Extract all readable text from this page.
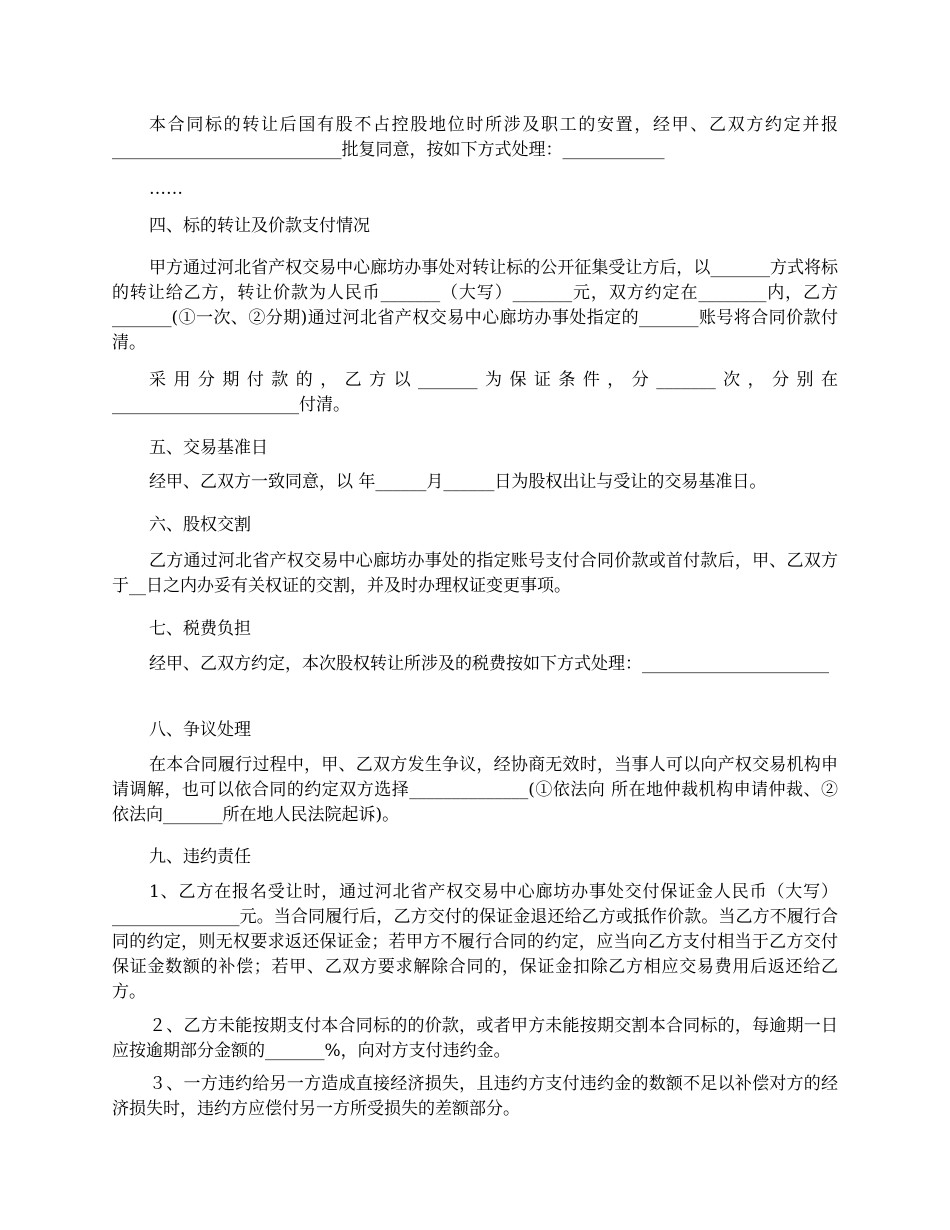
本合同标的转让后国有股不占控股地位时所涉及职工的安置，经甲、乙双方约定并报___________________________批复同意，按如下方式处理：____________

……

四、标的转让及价款支付情况

甲方通过河北省产权交易中心廊坊办事处对转让标的公开征集受让方后，以_______方式将标的转让给乙方，转让价款为人民币_______（大写）_______元，双方约定在________内，乙方_______(①一次、②分期)通过河北省产权交易中心廊坊办事处指定的_______账号将合同价款付清。

采用分期付款的，乙方以_______为保证条件，分_______次，分别在______________________付清。

五、交易基准日

经甲、乙双方一致同意，以 年______月______日为股权出让与受让的交易基准日。

六、股权交割

乙方通过河北省产权交易中心廊坊办事处的指定账号支付合同价款或首付款后，甲、乙双方于__日之内办妥有关权证的交割，并及时办理权证变更事项。

七、税费负担

经甲、乙双方约定，本次股权转让所涉及的税费按如下方式处理：______________________

八、争议处理

在本合同履行过程中，甲、乙双方发生争议，经协商无效时，当事人可以向产权交易机构申请调解，也可以依合同的约定双方选择______________(①依法向 所在地仲裁机构申请仲裁、②依法向_______所在地人民法院起诉)。

九、违约责任

1、乙方在报名受让时，通过河北省产权交易中心廊坊办事处交付保证金人民币（大写）_______________元。当合同履行后，乙方交付的保证金退还给乙方或抵作价款。当乙方不履行合同的约定，则无权要求返还保证金；若甲方不履行合同的约定，应当向乙方支付相当于乙方交付保证金数额的补偿；若甲、乙双方要求解除合同的，保证金扣除乙方相应交易费用后返还给乙方。

２、乙方未能按期支付本合同标的的价款，或者甲方未能按期交割本合同标的，每逾期一日应按逾期部分金额的_______%，向对方支付违约金。

３、一方违约给另一方造成直接经济损失，且违约方支付违约金的数额不足以补偿对方的经济损失时，违约方应偿付另一方所受损失的差额部分。
